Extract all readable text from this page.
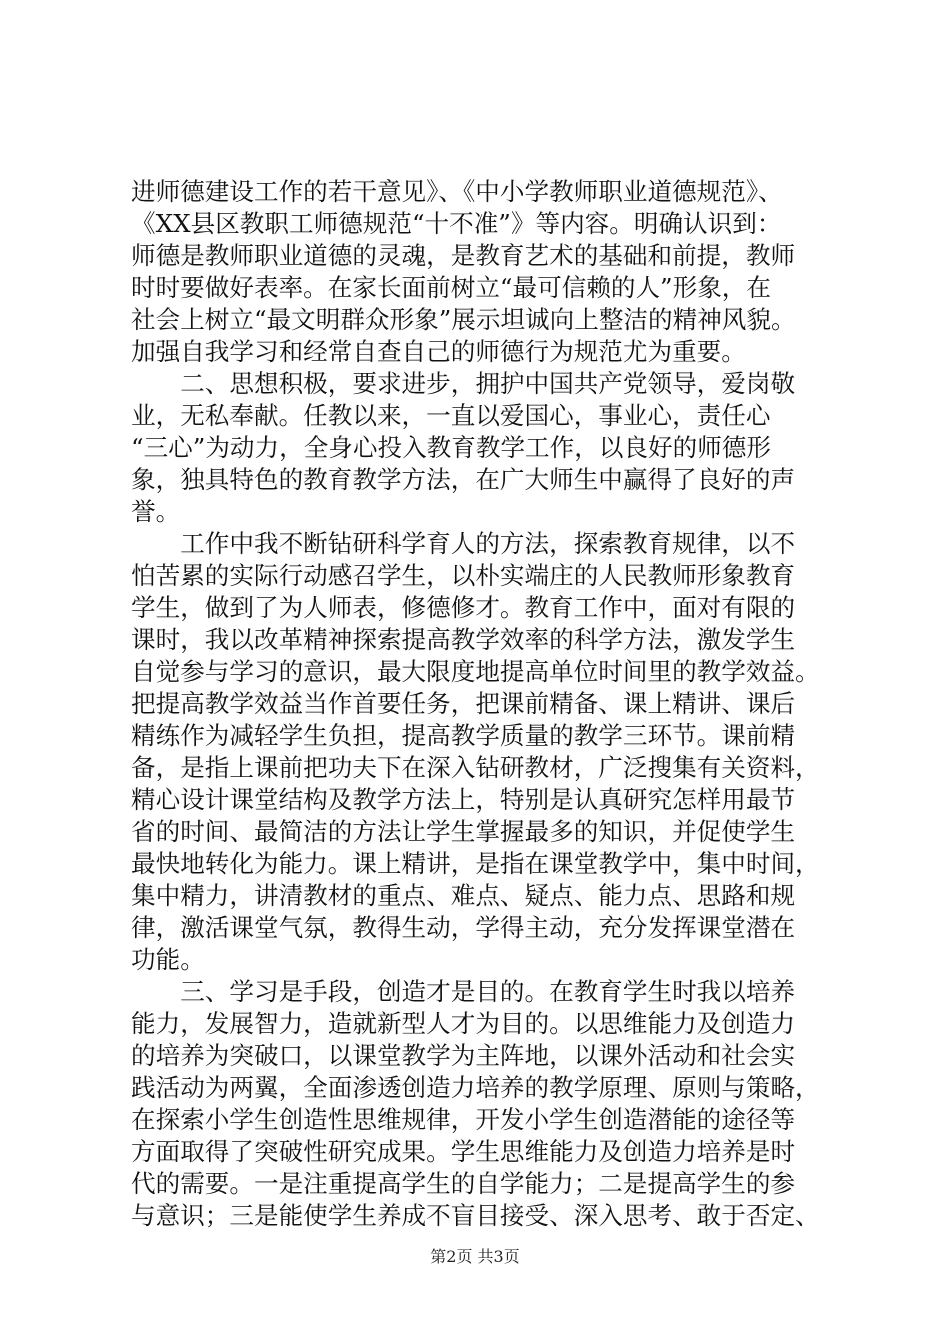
进师德建设工作的若干意见》、《中小学教师职业道德规范》、
《XX县区教职工师德规范“十不准”》等内容。明确认识到：
师德是教师职业道德的灵魂，是教育艺术的基础和前提，教师
时时要做好表率。在家长面前树立“最可信赖的人”形象，在
社会上树立“最文明群众形象”展示坦诚向上整洁的精神风貌。
加强自我学习和经常自查自己的师德行为规范尤为重要。
　　二、思想积极，要求进步，拥护中国共产党领导，爱岗敬
业，无私奉献。任教以来，一直以爱国心，事业心，责任心
“三心”为动力，全身心投入教育教学工作，以良好的师德形
象，独具特色的教育教学方法，在广大师生中赢得了良好的声
誉。
　　工作中我不断钻研科学育人的方法，探索教育规律，以不
怕苦累的实际行动感召学生，以朴实端庄的人民教师形象教育
学生，做到了为人师表，修德修才。教育工作中，面对有限的
课时，我以改革精神探索提高教学效率的科学方法，激发学生
自觉参与学习的意识，最大限度地提高单位时间里的教学效益。
把提高教学效益当作首要任务，把课前精备、课上精讲、课后
精练作为减轻学生负担，提高教学质量的教学三环节。课前精
备，是指上课前把功夫下在深入钻研教材，广泛搜集有关资料，
精心设计课堂结构及教学方法上，特别是认真研究怎样用最节
省的时间、最简洁的方法让学生掌握最多的知识，并促使学生
最快地转化为能力。课上精讲，是指在课堂教学中，集中时间，
集中精力，讲清教材的重点、难点、疑点、能力点、思路和规
律，激活课堂气氛，教得生动，学得主动，充分发挥课堂潜在
功能。
　　三、学习是手段，创造才是目的。在教育学生时我以培养
能力，发展智力，造就新型人才为目的。以思维能力及创造力
的培养为突破口，以课堂教学为主阵地，以课外活动和社会实
践活动为两翼，全面渗透创造力培养的教学原理、原则与策略，
在探索小学生创造性思维规律，开发小学生创造潜能的途径等
方面取得了突破性研究成果。学生思维能力及创造力培养是时
代的需要。一是注重提高学生的自学能力；二是提高学生的参
与意识；三是能使学生养成不盲目接受、深入思考、敢于否定、
第2页 共3页
